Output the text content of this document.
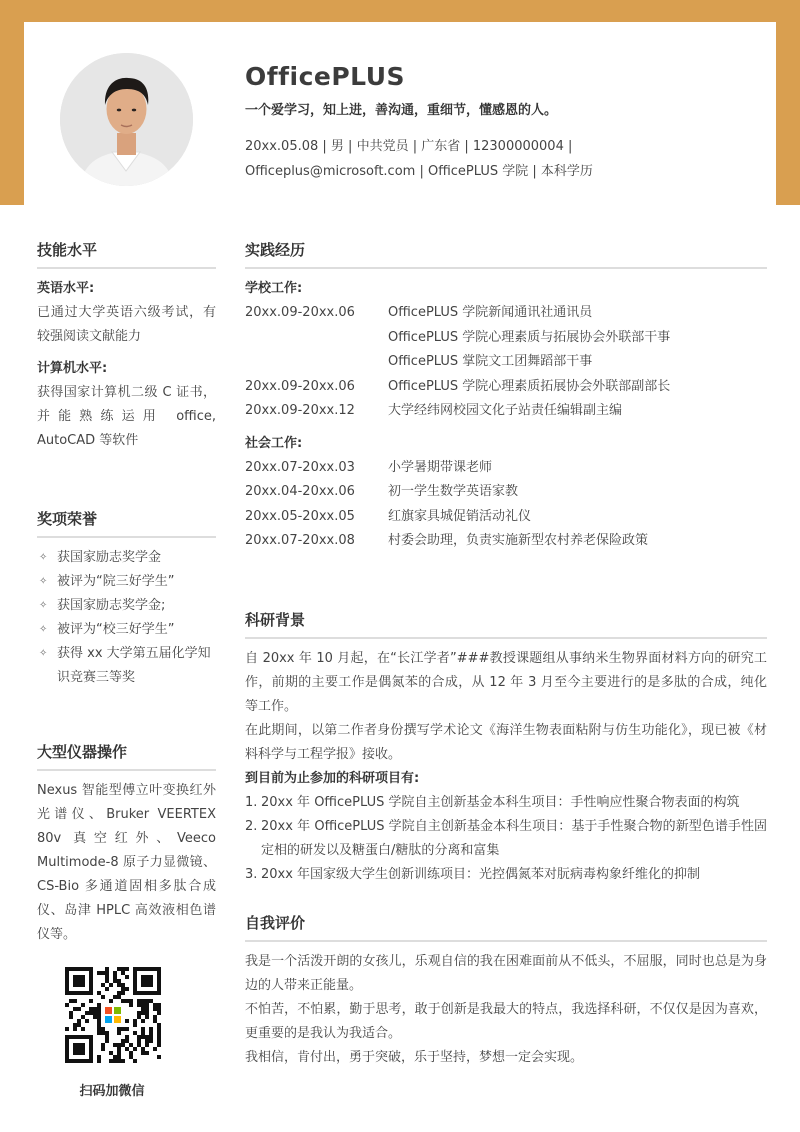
OfficePLUS
一个爱学习，知上进，善沟通，重细节，懂感恩的人。
20xx.05.08 | 男 | 中共党员 | 广东省 | 12300000004 |
Officeplus@microsoft.com | OfficePLUS 学院 | 本科学历
技能水平
英语水平:
已通过大学英语六级考试，有较强阅读文献能力
计算机水平:
获得国家计算机二级 C 证书，并能熟练运用 office, AutoCAD 等软件
奖项荣誉
✧ 获国家励志奖学金
✧ 被评为“院三好学生”
✧ 获国家励志奖学金;
✧ 被评为“校三好学生”
✧ 获得 xx 大学第五届化学知识竞赛三等奖
大型仪器操作
Nexus 智能型傅立叶变换红外光谱仪、Bruker VEERTEX 80v 真空红外、Veeco Multimode-8 原子力显微镜、CS-Bio 多通道固相多肽合成仪、岛津 HPLC 高效液相色谱仪等。
扫码加微信
实践经历
学校工作:
20xx.09-20xx.06	OfficePLUS 学院新闻通讯社通讯员
OfficePLUS 学院心理素质与拓展协会外联部干事
OfficePLUS 掌院文工团舞蹈部干事
20xx.09-20xx.06	OfficePLUS 学院心理素质拓展协会外联部副部长
20xx.09-20xx.12	大学经纬网校园文化子站责任编辑副主编
社会工作:
20xx.07-20xx.03	小学暑期带课老师
20xx.04-20xx.06	初一学生数学英语家教
20xx.05-20xx.05	红旗家具城促销活动礼仪
20xx.07-20xx.08	村委会助理，负责实施新型农村养老保险政策
科研背景
自 20xx 年 10 月起，在“长江学者”###教授课题组从事纳米生物界面材料方向的研究工作，前期的主要工作是偶氮苯的合成，从 12 年 3 月至今主要进行的是多肽的合成，纯化等工作。
在此期间，以第二作者身份撰写学术论文《海洋生物表面粘附与仿生功能化》，现已被《材料科学与工程学报》接收。
到目前为止参加的科研项目有:
1. 20xx 年 OfficePLUS 学院自主创新基金本科生项目：手性响应性聚合物表面的构筑
2. 20xx 年 OfficePLUS 学院自主创新基金本科生项目：基于手性聚合物的新型色谱手性固定相的研发以及糖蛋白/糖肽的分离和富集
3. 20xx 年国家级大学生创新训练项目：光控偶氮苯对朊病毒构象纤维化的抑制
自我评价
我是一个活泼开朗的女孩儿，乐观自信的我在困难面前从不低头，不屈服，同时也总是为身边的人带来正能量。
不怕苦，不怕累，勤于思考，敢于创新是我最大的特点，我选择科研，不仅仅是因为喜欢，更重要的是我认为我适合。
我相信，肯付出，勇于突破，乐于坚持，梦想一定会实现。
